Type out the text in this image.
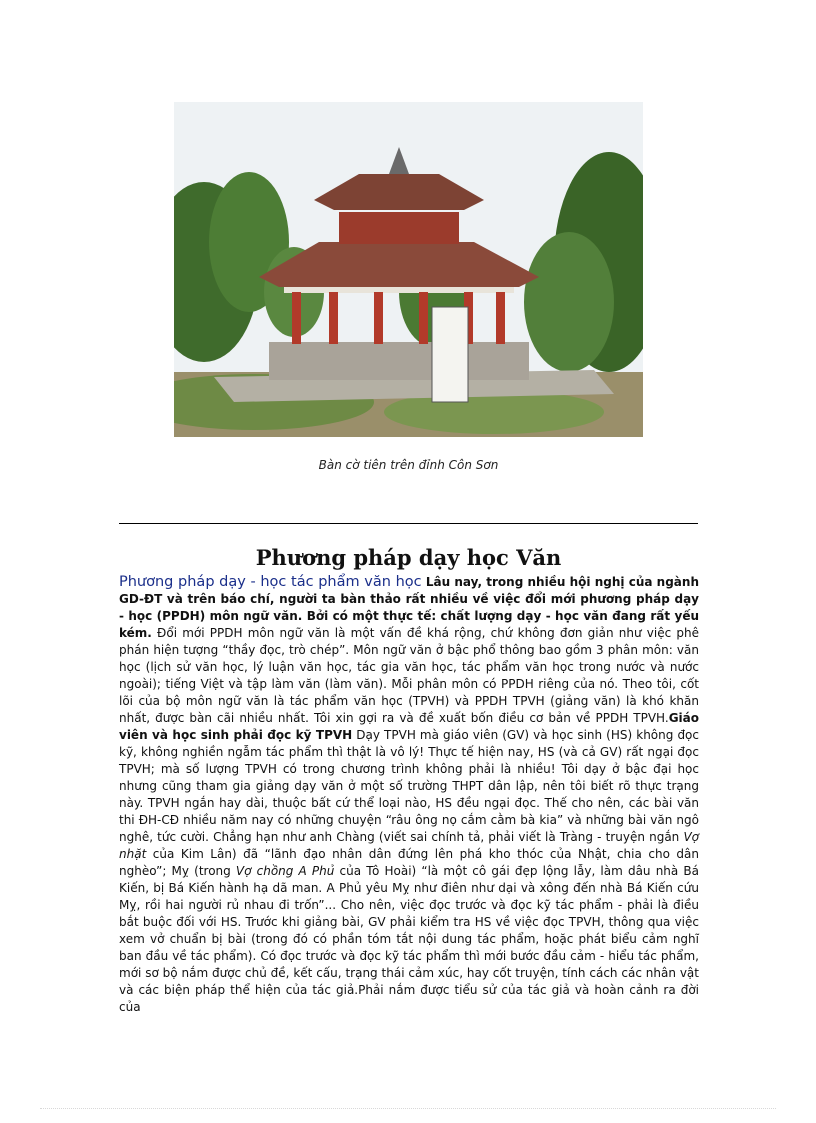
Bàn cờ tiên trên đỉnh Côn Sơn
Phương pháp dạy học Văn
Phương pháp dạy - học tác phẩm văn học Lâu nay, trong nhiều hội nghị của ngành GD-ĐT và trên báo chí, người ta bàn thảo rất nhiều về việc đổi mới phương pháp dạy - học (PPDH) môn ngữ văn. Bởi có một thực tế: chất lượng dạy - học văn đang rất yếu kém. Đổi mới PPDH môn ngữ văn là một vấn đề khá rộng, chứ không đơn giản như việc phê phán hiện tượng “thầy đọc, trò chép”. Môn ngữ văn ở bậc phổ thông bao gồm 3 phân môn: văn học (lịch sử văn học, lý luận văn học, tác gia văn học, tác phẩm văn học trong nước và nước ngoài); tiếng Việt và tập làm văn (làm văn). Mỗi phân môn có PPDH riêng của nó. Theo tôi, cốt lõi của bộ môn ngữ văn là tác phẩm văn học (TPVH) và PPDH TPVH (giảng văn) là khó khăn nhất, được bàn cãi nhiều nhất. Tôi xin gợi ra và đề xuất bốn điều cơ bản về PPDH TPVH.Giáo viên và học sinh phải đọc kỹ TPVH Dạy TPVH mà giáo viên (GV) và học sinh (HS) không đọc kỹ, không nghiền ngẫm tác phẩm thì thật là vô lý! Thực tế hiện nay, HS (và cả GV) rất ngại đọc TPVH; mà số lượng TPVH có trong chương trình không phải là nhiều! Tôi dạy ở bậc đại học nhưng cũng tham gia giảng dạy văn ở một số trường THPT dân lập, nên tôi biết rõ thực trạng này. TPVH ngắn hay dài, thuộc bất cứ thể loại nào, HS đều ngại đọc. Thế cho nên, các bài văn thi ĐH-CĐ nhiều năm nay có những chuyện “râu ông nọ cắm cằm bà kia” và những bài văn ngô nghê, tức cười. Chẳng hạn như anh Chàng (viết sai chính tả, phải viết là Tràng - truyện ngắn Vợ nhặt của Kim Lân) đã “lãnh đạo nhân dân đứng lên phá kho thóc của Nhật, chia cho dân nghèo”; Mỵ (trong Vợ chồng A Phủ của Tô Hoài) “là một cô gái đẹp lộng lẫy, làm dâu nhà Bá Kiến, bị Bá Kiến hành hạ dã man. A Phủ yêu Mỵ như điên như dại và xông đến nhà Bá Kiến cứu Mỵ, rồi hai người rủ nhau đi trốn”... Cho nên, việc đọc trước và đọc kỹ tác phẩm - phải là điều bắt buộc đối với HS. Trước khi giảng bài, GV phải kiểm tra HS về việc đọc TPVH, thông qua việc xem vở chuẩn bị bài (trong đó có phần tóm tắt nội dung tác phẩm, hoặc phát biểu cảm nghĩ ban đầu về tác phẩm). Có đọc trước và đọc kỹ tác phẩm thì mới bước đầu cảm - hiểu tác phẩm, mới sơ bộ nắm được chủ đề, kết cấu, trạng thái cảm xúc, hay cốt truyện, tính cách các nhân vật và các biện pháp thể hiện của tác giả.Phải nắm được tiểu sử của tác giả và hoàn cảnh ra đời của
